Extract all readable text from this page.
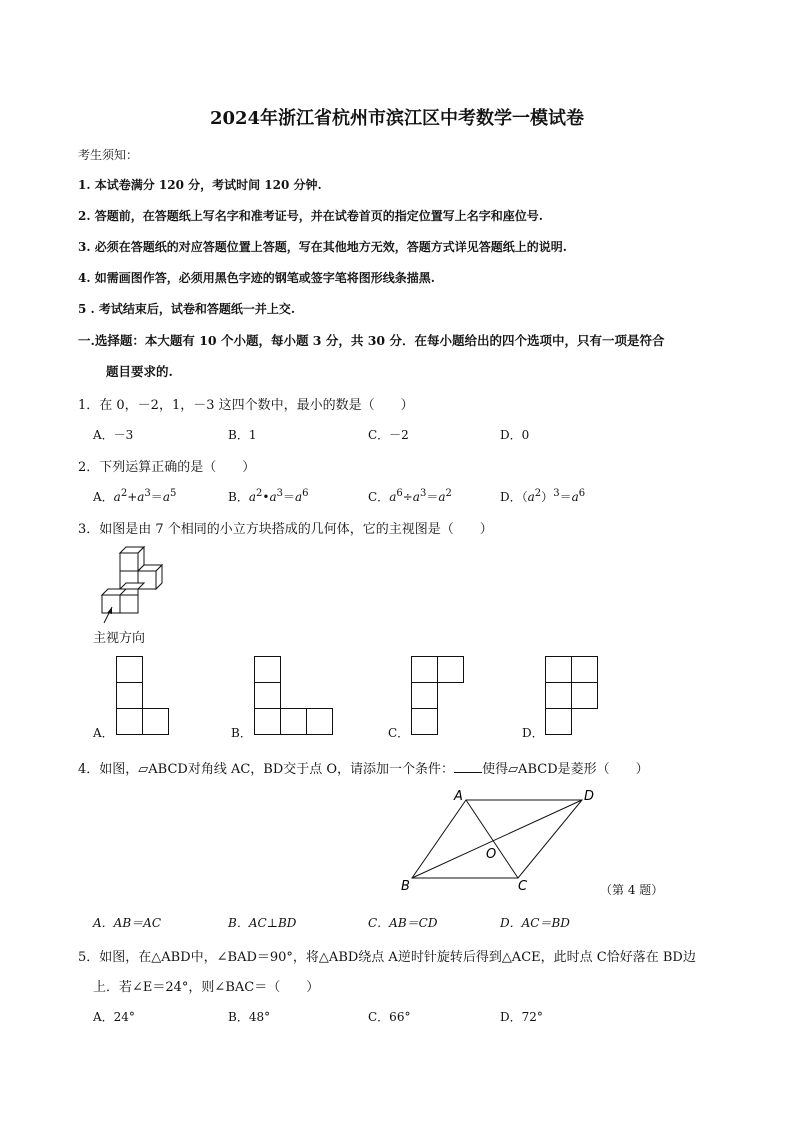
2024年浙江省杭州市滨江区中考数学一模试卷
考生须知：
1. 本试卷满分 120 分，考试时间 120 分钟.
2. 答题前，在答题纸上写名字和准考证号，并在试卷首页的指定位置写上名字和座位号.
3. 必须在答题纸的对应答题位置上答题，写在其他地方无效，答题方式详见答题纸上的说明.
4. 如需画图作答，必须用黑色字迹的钢笔或签字笔将图形线条描黑.
5 . 考试结束后，试卷和答题纸一并上交.
一.选择题：本大题有 10 个小题，每小题 3 分，共 30 分．在每小题给出的四个选项中，只有一项是符合
题目要求的.
1．在 0，－2，1，－3 这四个数中，最小的数是（　　）
A．－3	B．1	C．－2	D．0
2．下列运算正确的是（　　）
A．$a^2+a^3=a^5$	B．$a^2•a^3=a^6$	C．$a^6\div a^3=a^2$	D．$(a^2)^3=a^6$
3．如图是由 7 个相同的小立方块搭成的几何体，它的主视图是（　　）
主视方向
A．	B．	C．	D．
4．如图，▱ABCD对角线 AC，BD交于点 O，请添加一个条件： 使得▱ABCD是菱形（　　）
A
B	C
D
O
（第 4 题）
A．AB＝AC	B．AC⊥BD	C．AB＝CD	D．AC＝BD
5．如图，在△ABD中，∠BAD＝90°，将△ABD绕点 A逆时针旋转后得到△ACE，此时点 C恰好落在 BD边
上．若∠E＝24°，则∠BAC＝（　　）
A．24°	B．48°	C．66°	D．72°
